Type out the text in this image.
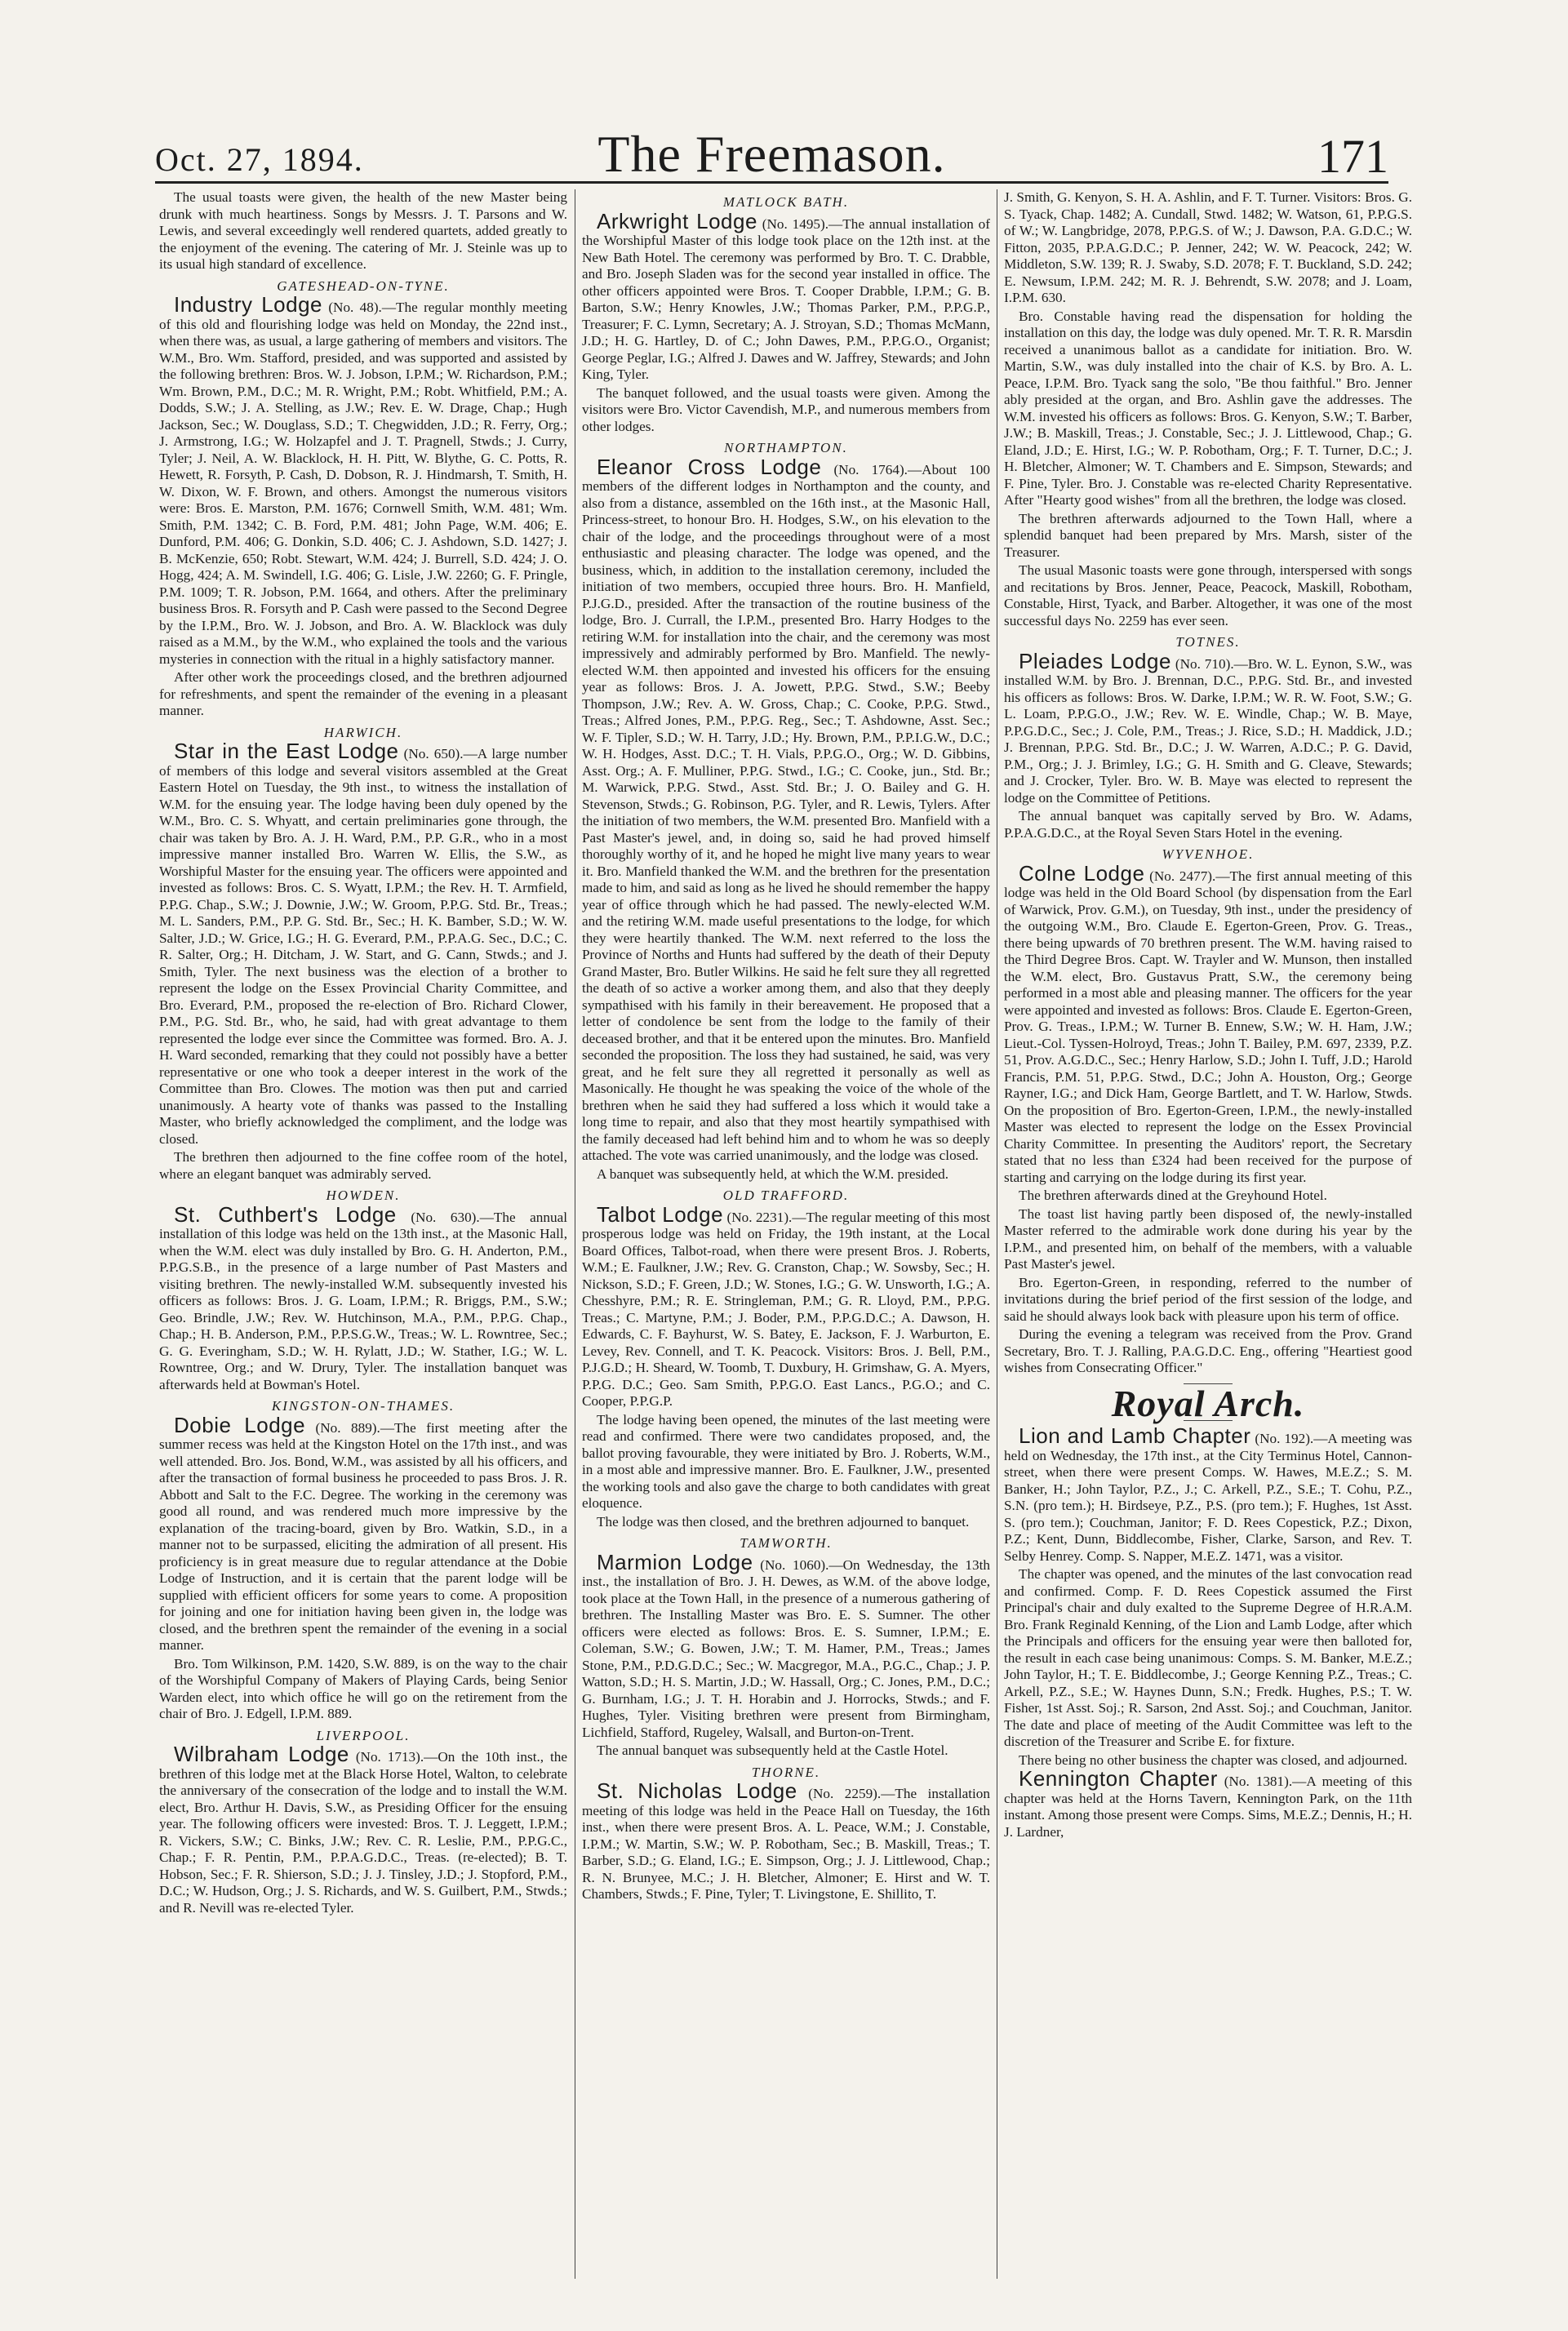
Oct. 27, 1894.	The Freemason.	171

The usual toasts were given, the health of the new Master being drunk with much heartiness. Songs by Messrs. J. T. Parsons and W. Lewis, and several exceedingly well rendered quartets, added greatly to the enjoyment of the evening. The catering of Mr. J. Steinle was up to its usual high standard of excellence.

GATESHEAD-ON-TYNE.

Industry Lodge (No. 48).—The regular monthly meeting of this old and flourishing lodge was held on Monday, the 22nd inst., when there was, as usual, a large gathering of members and visitors. The W.M., Bro. Wm. Stafford, presided, and was supported and assisted by the following brethren: Bros. W. J. Jobson, I.P.M.; W. Richardson, P.M.; Wm. Brown, P.M., D.C.; M. R. Wright, P.M.; Robt. Whitfield, P.M.; A. Dodds, S.W.; J. A. Stelling, as J.W.; Rev. E. W. Drage, Chap.; Hugh Jackson, Sec.; W. Douglass, S.D.; T. Chegwidden, J.D.; R. Ferry, Org.; J. Armstrong, I.G.; W. Holzapfel and J. T. Pragnell, Stwds.; J. Curry, Tyler; J. Neil, A. W. Blacklock, H. H. Pitt, W. Blythe, G. C. Potts, R. Hewett, R. Forsyth, P. Cash, D. Dobson, R. J. Hindmarsh, T. Smith, H. W. Dixon, W. F. Brown, and others. Amongst the numerous visitors were: Bros. E. Marston, P.M. 1676; Cornwell Smith, W.M. 481; Wm. Smith, P.M. 1342; C. B. Ford, P.M. 481; John Page, W.M. 406; E. Dunford, P.M. 406; G. Donkin, S.D. 406; C. J. Ashdown, S.D. 1427; J. B. McKenzie, 650; Robt. Stewart, W.M. 424; J. Burrell, S.D. 424; J. O. Hogg, 424; A. M. Swindell, I.G. 406; G. Lisle, J.W. 2260; G. F. Pringle, P.M. 1009; T. R. Jobson, P.M. 1664, and others. After the preliminary business Bros. R. Forsyth and P. Cash were passed to the Second Degree by the I.P.M., Bro. W. J. Jobson, and Bro. A. W. Blacklock was duly raised as a M.M., by the W.M., who explained the tools and the various mysteries in connection with the ritual in a highly satisfactory manner.

After other work the proceedings closed, and the brethren adjourned for refreshments, and spent the remainder of the evening in a pleasant manner.

HARWICH.

Star in the East Lodge (No. 650).—A large number of members of this lodge and several visitors assembled at the Great Eastern Hotel on Tuesday, the 9th inst., to witness the installation of W.M. for the ensuing year. The lodge having been duly opened by the W.M., Bro. C. S. Whyatt, and certain preliminaries gone through, the chair was taken by Bro. A. J. H. Ward, P.M., P.P. G.R., who in a most impressive manner installed Bro. Warren W. Ellis, the S.W., as Worshipful Master for the ensuing year. The officers were appointed and invested as follows: Bros. C. S. Wyatt, I.P.M.; the Rev. H. T. Armfield, P.P.G. Chap., S.W.; J. Downie, J.W.; W. Groom, P.P.G. Std. Br., Treas.; M. L. Sanders, P.M., P.P. G. Std. Br., Sec.; H. K. Bamber, S.D.; W. W. Salter, J.D.; W. Grice, I.G.; H. G. Everard, P.M., P.P.A.G. Sec., D.C.; C. R. Salter, Org.; H. Ditcham, J. W. Start, and G. Cann, Stwds.; and J. Smith, Tyler. The next business was the election of a brother to represent the lodge on the Essex Provincial Charity Committee, and Bro. Everard, P.M., proposed the re-election of Bro. Richard Clower, P.M., P.G. Std. Br., who, he said, had with great advantage to them represented the lodge ever since the Committee was formed. Bro. A. J. H. Ward seconded, remarking that they could not possibly have a better representative or one who took a deeper interest in the work of the Committee than Bro. Clowes. The motion was then put and carried unanimously. A hearty vote of thanks was passed to the Installing Master, who briefly acknowledged the compliment, and the lodge was closed.

The brethren then adjourned to the fine coffee room of the hotel, where an elegant banquet was admirably served.

HOWDEN.

St. Cuthbert's Lodge (No. 630).—The annual installation of this lodge was held on the 13th inst., at the Masonic Hall, when the W.M. elect was duly installed by Bro. G. H. Anderton, P.M., P.P.G.S.B., in the presence of a large number of Past Masters and visiting brethren. The newly-installed W.M. subsequently invested his officers as follows: Bros. J. G. Loam, I.P.M.; R. Briggs, P.M., S.W.; Geo. Brindle, J.W.; Rev. W. Hutchinson, M.A., P.M., P.P.G. Chap., Chap.; H. B. Anderson, P.M., P.P.S.G.W., Treas.; W. L. Rowntree, Sec.; G. G. Everingham, S.D.; W. H. Rylatt, J.D.; W. Stather, I.G.; W. L. Rowntree, Org.; and W. Drury, Tyler. The installation banquet was afterwards held at Bowman's Hotel.

KINGSTON-ON-THAMES.

Dobie Lodge (No. 889).—The first meeting after the summer recess was held at the Kingston Hotel on the 17th inst., and was well attended. Bro. Jos. Bond, W.M., was assisted by all his officers, and after the transaction of formal business he proceeded to pass Bros. J. R. Abbott and Salt to the F.C. Degree. The working in the ceremony was good all round, and was rendered much more impressive by the explanation of the tracing-board, given by Bro. Watkin, S.D., in a manner not to be surpassed, eliciting the admiration of all present. His proficiency is in great measure due to regular attendance at the Dobie Lodge of Instruction, and it is certain that the parent lodge will be supplied with efficient officers for some years to come. A proposition for joining and one for initiation having been given in, the lodge was closed, and the brethren spent the remainder of the evening in a social manner.

Bro. Tom Wilkinson, P.M. 1420, S.W. 889, is on the way to the chair of the Worshipful Company of Makers of Playing Cards, being Senior Warden elect, into which office he will go on the retirement from the chair of Bro. J. Edgell, I.P.M. 889.

LIVERPOOL.

Wilbraham Lodge (No. 1713).—On the 10th inst., the brethren of this lodge met at the Black Horse Hotel, Walton, to celebrate the anniversary of the consecration of the lodge and to install the W.M. elect, Bro. Arthur H. Davis, S.W., as Presiding Officer for the ensuing year. The following officers were invested: Bros. T. J. Leggett, I.P.M.; R. Vickers, S.W.; C. Binks, J.W.; Rev. C. R. Leslie, P.M., P.P.G.C., Chap.; F. R. Pentin, P.M., P.P.A.G.D.C., Treas. (re-elected); B. T. Hobson, Sec.; F. R. Shierson, S.D.; J. J. Tinsley, J.D.; J. Stopford, P.M., D.C.; W. Hudson, Org.; J. S. Richards, and W. S. Guilbert, P.M., Stwds.; and R. Nevill was re-elected Tyler.

MATLOCK BATH.

Arkwright Lodge (No. 1495).—The annual installation of the Worshipful Master of this lodge took place on the 12th inst. at the New Bath Hotel. The ceremony was performed by Bro. T. C. Drabble, and Bro. Joseph Sladen was for the second year installed in office. The other officers appointed were Bros. T. Cooper Drabble, I.P.M.; G. B. Barton, S.W.; Henry Knowles, J.W.; Thomas Parker, P.M., P.P.G.P., Treasurer; F. C. Lymn, Secretary; A. J. Stroyan, S.D.; Thomas McMann, J.D.; H. G. Hartley, D. of C.; John Dawes, P.M., P.P.G.O., Organist; George Peglar, I.G.; Alfred J. Dawes and W. Jaffrey, Stewards; and John King, Tyler.

The banquet followed, and the usual toasts were given. Among the visitors were Bro. Victor Cavendish, M.P., and numerous members from other lodges.

NORTHAMPTON.

Eleanor Cross Lodge (No. 1764).—About 100 members of the different lodges in Northampton and the county, and also from a distance, assembled on the 16th inst., at the Masonic Hall, Princess-street, to honour Bro. H. Hodges, S.W., on his elevation to the chair of the lodge, and the proceedings throughout were of a most enthusiastic and pleasing character. The lodge was opened, and the business, which, in addition to the installation ceremony, included the initiation of two members, occupied three hours. Bro. H. Manfield, P.J.G.D., presided. After the transaction of the routine business of the lodge, Bro. J. Currall, the I.P.M., presented Bro. Harry Hodges to the retiring W.M. for installation into the chair, and the ceremony was most impressively and admirably performed by Bro. Manfield. The newly-elected W.M. then appointed and invested his officers for the ensuing year as follows: Bros. J. A. Jowett, P.P.G. Stwd., S.W.; Beeby Thompson, J.W.; Rev. A. W. Gross, Chap.; C. Cooke, P.P.G. Stwd., Treas.; Alfred Jones, P.M., P.P.G. Reg., Sec.; T. Ashdowne, Asst. Sec.; W. F. Tipler, S.D.; W. H. Tarry, J.D.; Hy. Brown, P.M., P.P.I.G.W., D.C.; W. H. Hodges, Asst. D.C.; T. H. Vials, P.P.G.O., Org.; W. D. Gibbins, Asst. Org.; A. F. Mulliner, P.P.G. Stwd., I.G.; C. Cooke, jun., Std. Br.; M. Warwick, P.P.G. Stwd., Asst. Std. Br.; J. O. Bailey and G. H. Stevenson, Stwds.; G. Robinson, P.G. Tyler, and R. Lewis, Tylers. After the initiation of two members, the W.M. presented Bro. Manfield with a Past Master's jewel, and, in doing so, said he had proved himself thoroughly worthy of it, and he hoped he might live many years to wear it. Bro. Manfield thanked the W.M. and the brethren for the presentation made to him, and said as long as he lived he should remember the happy year of office through which he had passed. The newly-elected W.M. and the retiring W.M. made useful presentations to the lodge, for which they were heartily thanked. The W.M. next referred to the loss the Province of Norths and Hunts had suffered by the death of their Deputy Grand Master, Bro. Butler Wilkins. He said he felt sure they all regretted the death of so active a worker among them, and also that they deeply sympathised with his family in their bereavement. He proposed that a letter of condolence be sent from the lodge to the family of their deceased brother, and that it be entered upon the minutes. Bro. Manfield seconded the proposition. The loss they had sustained, he said, was very great, and he felt sure they all regretted it personally as well as Masonically. He thought he was speaking the voice of the whole of the brethren when he said they had suffered a loss which it would take a long time to repair, and also that they most heartily sympathised with the family deceased had left behind him and to whom he was so deeply attached. The vote was carried unanimously, and the lodge was closed.

A banquet was subsequently held, at which the W.M. presided.

OLD TRAFFORD.

Talbot Lodge (No. 2231).—The regular meeting of this most prosperous lodge was held on Friday, the 19th instant, at the Local Board Offices, Talbot-road, when there were present Bros. J. Roberts, W.M.; E. Faulkner, J.W.; Rev. G. Cranston, Chap.; W. Sowsby, Sec.; H. Nickson, S.D.; F. Green, J.D.; W. Stones, I.G.; G. W. Unsworth, I.G.; A. Chesshyre, P.M.; R. E. Stringleman, P.M.; G. R. Lloyd, P.M., P.P.G. Treas.; C. Martyne, P.M.; J. Boder, P.M., P.P.G.D.C.; A. Dawson, H. Edwards, C. F. Bayhurst, W. S. Batey, E. Jackson, F. J. Warburton, E. Levey, Rev. Connell, and T. K. Peacock. Visitors: Bros. J. Bell, P.M., P.J.G.D.; H. Sheard, W. Toomb, T. Duxbury, H. Grimshaw, G. A. Myers, P.P.G. D.C.; Geo. Sam Smith, P.P.G.O. East Lancs., P.G.O.; and C. Cooper, P.P.G.P.

The lodge having been opened, the minutes of the last meeting were read and confirmed. There were two candidates proposed, and, the ballot proving favourable, they were initiated by Bro. J. Roberts, W.M., in a most able and impressive manner. Bro. E. Faulkner, J.W., presented the working tools and also gave the charge to both candidates with great eloquence.

The lodge was then closed, and the brethren adjourned to banquet.

TAMWORTH.

Marmion Lodge (No. 1060).—On Wednesday, the 13th inst., the installation of Bro. J. H. Dewes, as W.M. of the above lodge, took place at the Town Hall, in the presence of a numerous gathering of brethren. The Installing Master was Bro. E. S. Sumner. The other officers were elected as follows: Bros. E. S. Sumner, I.P.M.; E. Coleman, S.W.; G. Bowen, J.W.; T. M. Hamer, P.M., Treas.; James Stone, P.M., P.D.G.D.C.; Sec.; W. Macgregor, M.A., P.G.C., Chap.; J. P. Watton, S.D.; H. S. Martin, J.D.; W. Hassall, Org.; C. Jones, P.M., D.C.; G. Burnham, I.G.; J. T. H. Horabin and J. Horrocks, Stwds.; and F. Hughes, Tyler. Visiting brethren were present from Birmingham, Lichfield, Stafford, Rugeley, Walsall, and Burton-on-Trent.

The annual banquet was subsequently held at the Castle Hotel.

THORNE.

St. Nicholas Lodge (No. 2259).—The installation meeting of this lodge was held in the Peace Hall on Tuesday, the 16th inst., when there were present Bros. A. L. Peace, W.M.; J. Constable, I.P.M.; W. Martin, S.W.; W. P. Robotham, Sec.; B. Maskill, Treas.; T. Barber, S.D.; G. Eland, I.G.; E. Simpson, Org.; J. J. Littlewood, Chap.; R. N. Brunyee, M.C.; J. H. Bletcher, Almoner; E. Hirst and W. T. Chambers, Stwds.; F. Pine, Tyler; T. Livingstone, E. Shillito, T.

J. Smith, G. Kenyon, S. H. A. Ashlin, and F. T. Turner. Visitors: Bros. G. S. Tyack, Chap. 1482; A. Cundall, Stwd. 1482; W. Watson, 61, P.P.G.S. of W.; W. Langbridge, 2078, P.P.G.S. of W.; J. Dawson, P.A. G.D.C.; W. Fitton, 2035, P.P.A.G.D.C.; P. Jenner, 242; W. W. Peacock, 242; W. Middleton, S.W. 139; R. J. Swaby, S.D. 2078; F. T. Buckland, S.D. 242; E. Newsum, I.P.M. 242; M. R. J. Behrendt, S.W. 2078; and J. Loam, I.P.M. 630.

Bro. Constable having read the dispensation for holding the installation on this day, the lodge was duly opened. Mr. T. R. R. Marsdin received a unanimous ballot as a candidate for initiation. Bro. W. Martin, S.W., was duly installed into the chair of K.S. by Bro. A. L. Peace, I.P.M. Bro. Tyack sang the solo, "Be thou faithful." Bro. Jenner ably presided at the organ, and Bro. Ashlin gave the addresses. The W.M. invested his officers as follows: Bros. G. Kenyon, S.W.; T. Barber, J.W.; B. Maskill, Treas.; J. Constable, Sec.; J. J. Littlewood, Chap.; G. Eland, J.D.; E. Hirst, I.G.; W. P. Robotham, Org.; F. T. Turner, D.C.; J. H. Bletcher, Almoner; W. T. Chambers and E. Simpson, Stewards; and F. Pine, Tyler. Bro. J. Constable was re-elected Charity Representative. After "Hearty good wishes" from all the brethren, the lodge was closed.

The brethren afterwards adjourned to the Town Hall, where a splendid banquet had been prepared by Mrs. Marsh, sister of the Treasurer.

The usual Masonic toasts were gone through, interspersed with songs and recitations by Bros. Jenner, Peace, Peacock, Maskill, Robotham, Constable, Hirst, Tyack, and Barber. Altogether, it was one of the most successful days No. 2259 has ever seen.

TOTNES.

Pleiades Lodge (No. 710).—Bro. W. L. Eynon, S.W., was installed W.M. by Bro. J. Brennan, D.C., P.P.G. Std. Br., and invested his officers as follows: Bros. W. Darke, I.P.M.; W. R. W. Foot, S.W.; G. L. Loam, P.P.G.O., J.W.; Rev. W. E. Windle, Chap.; W. B. Maye, P.P.G.D.C., Sec.; J. Cole, P.M., Treas.; J. Rice, S.D.; H. Maddick, J.D.; J. Brennan, P.P.G. Std. Br., D.C.; J. W. Warren, A.D.C.; P. G. David, P.M., Org.; J. J. Brimley, I.G.; G. H. Smith and G. Cleave, Stewards; and J. Crocker, Tyler. Bro. W. B. Maye was elected to represent the lodge on the Committee of Petitions.

The annual banquet was capitally served by Bro. W. Adams, P.P.A.G.D.C., at the Royal Seven Stars Hotel in the evening.

WYVENHOE.

Colne Lodge (No. 2477).—The first annual meeting of this lodge was held in the Old Board School (by dispensation from the Earl of Warwick, Prov. G.M.), on Tuesday, 9th inst., under the presidency of the outgoing W.M., Bro. Claude E. Egerton-Green, Prov. G. Treas., there being upwards of 70 brethren present. The W.M. having raised to the Third Degree Bros. Capt. W. Trayler and W. Munson, then installed the W.M. elect, Bro. Gustavus Pratt, S.W., the ceremony being performed in a most able and pleasing manner. The officers for the year were appointed and invested as follows: Bros. Claude E. Egerton-Green, Prov. G. Treas., I.P.M.; W. Turner B. Ennew, S.W.; W. H. Ham, J.W.; Lieut.-Col. Tyssen-Holroyd, Treas.; John T. Bailey, P.M. 697, 2339, P.Z. 51, Prov. A.G.D.C., Sec.; Henry Harlow, S.D.; John I. Tuff, J.D.; Harold Francis, P.M. 51, P.P.G. Stwd., D.C.; John A. Houston, Org.; George Rayner, I.G.; and Dick Ham, George Bartlett, and T. W. Harlow, Stwds. On the proposition of Bro. Egerton-Green, I.P.M., the newly-installed Master was elected to represent the lodge on the Essex Provincial Charity Committee. In presenting the Auditors' report, the Secretary stated that no less than £324 had been received for the purpose of starting and carrying on the lodge during its first year.

The brethren afterwards dined at the Greyhound Hotel.

The toast list having partly been disposed of, the newly-installed Master referred to the admirable work done during his year by the I.P.M., and presented him, on behalf of the members, with a valuable Past Master's jewel.

Bro. Egerton-Green, in responding, referred to the number of invitations during the brief period of the first session of the lodge, and said he should always look back with pleasure upon his term of office.

During the evening a telegram was received from the Prov. Grand Secretary, Bro. T. J. Ralling, P.A.G.D.C. Eng., offering "Heartiest good wishes from Consecrating Officer."

Royal Arch.

Lion and Lamb Chapter (No. 192).—A meeting was held on Wednesday, the 17th inst., at the City Terminus Hotel, Cannon-street, when there were present Comps. W. Hawes, M.E.Z.; S. M. Banker, H.; John Taylor, P.Z., J.; C. Arkell, P.Z., S.E.; T. Cohu, P.Z., S.N. (pro tem.); H. Birdseye, P.Z., P.S. (pro tem.); F. Hughes, 1st Asst. S. (pro tem.); Couchman, Janitor; F. D. Rees Copestick, P.Z.; Dixon, P.Z.; Kent, Dunn, Biddlecombe, Fisher, Clarke, Sarson, and Rev. T. Selby Henrey. Comp. S. Napper, M.E.Z. 1471, was a visitor.

The chapter was opened, and the minutes of the last convocation read and confirmed. Comp. F. D. Rees Copestick assumed the First Principal's chair and duly exalted to the Supreme Degree of H.R.A.M. Bro. Frank Reginald Kenning, of the Lion and Lamb Lodge, after which the Principals and officers for the ensuing year were then balloted for, the result in each case being unanimous: Comps. S. M. Banker, M.E.Z.; John Taylor, H.; T. E. Biddlecombe, J.; George Kenning P.Z., Treas.; C. Arkell, P.Z., S.E.; W. Haynes Dunn, S.N.; Fredk. Hughes, P.S.; T. W. Fisher, 1st Asst. Soj.; R. Sarson, 2nd Asst. Soj.; and Couchman, Janitor. The date and place of meeting of the Audit Committee was left to the discretion of the Treasurer and Scribe E. for fixture.

There being no other business the chapter was closed, and adjourned.

Kennington Chapter (No. 1381).—A meeting of this chapter was held at the Horns Tavern, Kennington Park, on the 11th instant. Among those present were Comps. Sims, M.E.Z.; Dennis, H.; H. J. Lardner,
